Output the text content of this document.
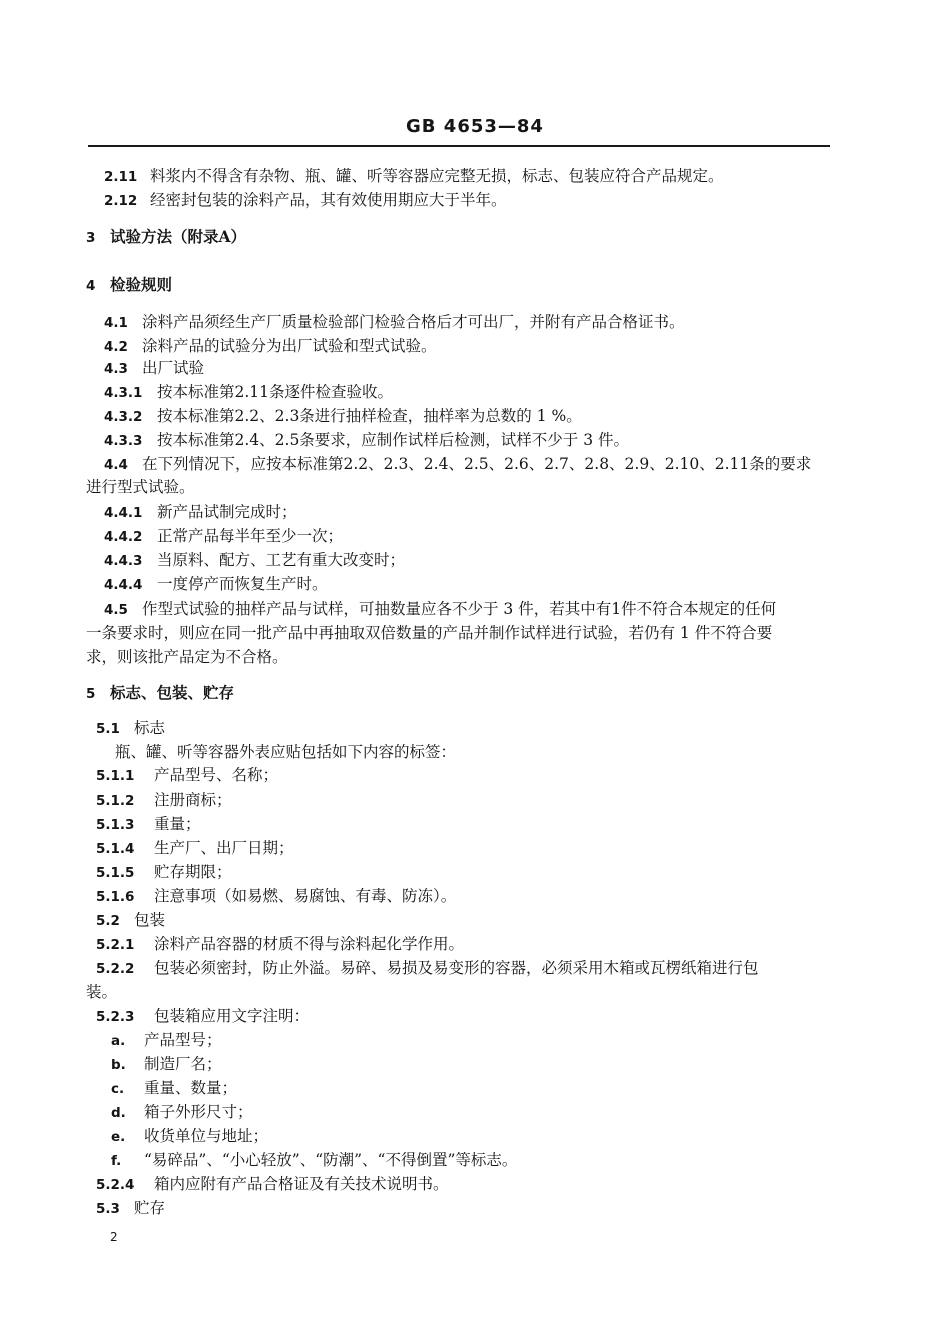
GB 4653—84
2.11 料浆内不得含有杂物、瓶、罐、听等容器应完整无损，标志、包装应符合产品规定。
2.12 经密封包装的涂料产品，其有效使用期应大于半年。
3 试验方法（附录A）
4 检验规则
4.1 涂料产品须经生产厂质量检验部门检验合格后才可出厂，并附有产品合格证书。
4.2 涂料产品的试验分为出厂试验和型式试验。
4.3 出厂试验
4.3.1 按本标准第2.11条逐件检查验收。
4.3.2 按本标准第2.2、2.3条进行抽样检查，抽样率为总数的 1 %。
4.3.3 按本标准第2.4、2.5条要求，应制作试样后检测，试样不少于 3 件。
4.4 在下列情况下，应按本标准第2.2、2.3、2.4、2.5、2.6、2.7、2.8、2.9、2.10、2.11条的要求
进行型式试验。
4.4.1 新产品试制完成时；
4.4.2 正常产品每半年至少一次；
4.4.3 当原料、配方、工艺有重大改变时；
4.4.4 一度停产而恢复生产时。
4.5 作型式试验的抽样产品与试样，可抽数量应各不少于 3 件，若其中有1件不符合本规定的任何
一条要求时，则应在同一批产品中再抽取双倍数量的产品并制作试样进行试验，若仍有 1 件不符合要
求，则该批产品定为不合格。
5 标志、包装、贮存
5.1 标志
瓶、罐、听等容器外表应贴包括如下内容的标签：
5.1.1 产品型号、名称；
5.1.2 注册商标；
5.1.3 重量；
5.1.4 生产厂、出厂日期；
5.1.5 贮存期限；
5.1.6 注意事项（如易燃、易腐蚀、有毒、防冻）。
5.2 包装
5.2.1 涂料产品容器的材质不得与涂料起化学作用。
5.2.2 包装必须密封，防止外溢。易碎、易损及易变形的容器，必须采用木箱或瓦楞纸箱进行包
装。
5.2.3 包装箱应用文字注明：
a. 产品型号；
b. 制造厂名；
c. 重量、数量；
d. 箱子外形尺寸；
e. 收货单位与地址；
f. “易碎品”、“小心轻放”、“防潮”、“不得倒置”等标志。
5.2.4 箱内应附有产品合格证及有关技术说明书。
5.3 贮存
2
